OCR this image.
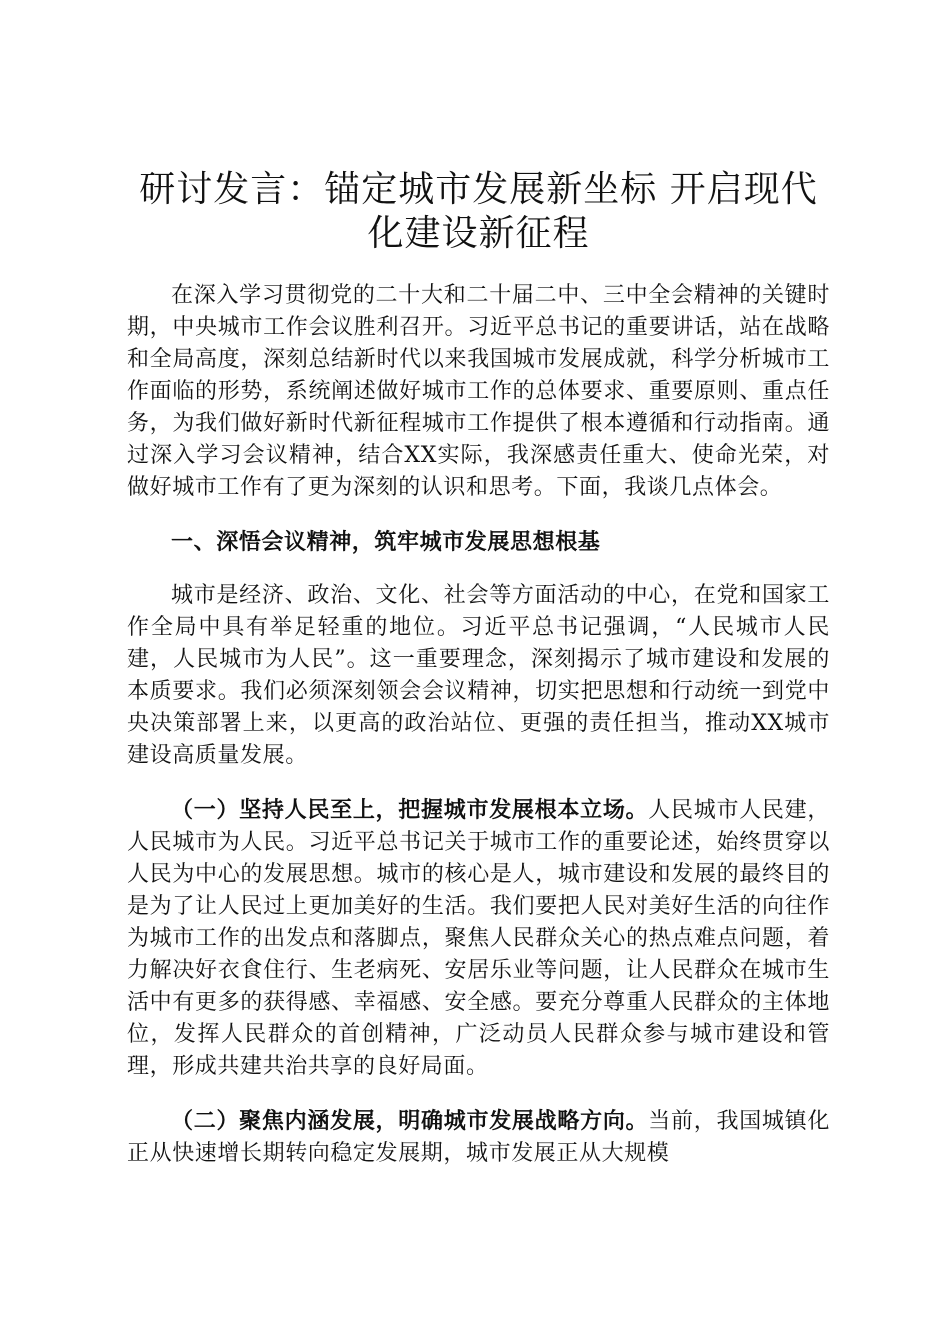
研讨发言：锚定城市发展新坐标 开启现代化建设新征程

在深入学习贯彻党的二十大和二十届二中、三中全会精神的关键时期，中央城市工作会议胜利召开。习近平总书记的重要讲话，站在战略和全局高度，深刻总结新时代以来我国城市发展成就，科学分析城市工作面临的形势，系统阐述做好城市工作的总体要求、重要原则、重点任务，为我们做好新时代新征程城市工作提供了根本遵循和行动指南。通过深入学习会议精神，结合XX实际，我深感责任重大、使命光荣，对做好城市工作有了更为深刻的认识和思考。下面，我谈几点体会。

一、深悟会议精神，筑牢城市发展思想根基

城市是经济、政治、文化、社会等方面活动的中心，在党和国家工作全局中具有举足轻重的地位。习近平总书记强调，“人民城市人民建，人民城市为人民”。这一重要理念，深刻揭示了城市建设和发展的本质要求。我们必须深刻领会会议精神，切实把思想和行动统一到党中央决策部署上来，以更高的政治站位、更强的责任担当，推动XX城市建设高质量发展。

（一）坚持人民至上，把握城市发展根本立场。人民城市人民建，人民城市为人民。习近平总书记关于城市工作的重要论述，始终贯穿以人民为中心的发展思想。城市的核心是人，城市建设和发展的最终目的是为了让人民过上更加美好的生活。我们要把人民对美好生活的向往作为城市工作的出发点和落脚点，聚焦人民群众关心的热点难点问题，着力解决好衣食住行、生老病死、安居乐业等问题，让人民群众在城市生活中有更多的获得感、幸福感、安全感。要充分尊重人民群众的主体地位，发挥人民群众的首创精神，广泛动员人民群众参与城市建设和管理，形成共建共治共享的良好局面。

（二）聚焦内涵发展，明确城市发展战略方向。当前，我国城镇化正从快速增长期转向稳定发展期，城市发展正从大规模
